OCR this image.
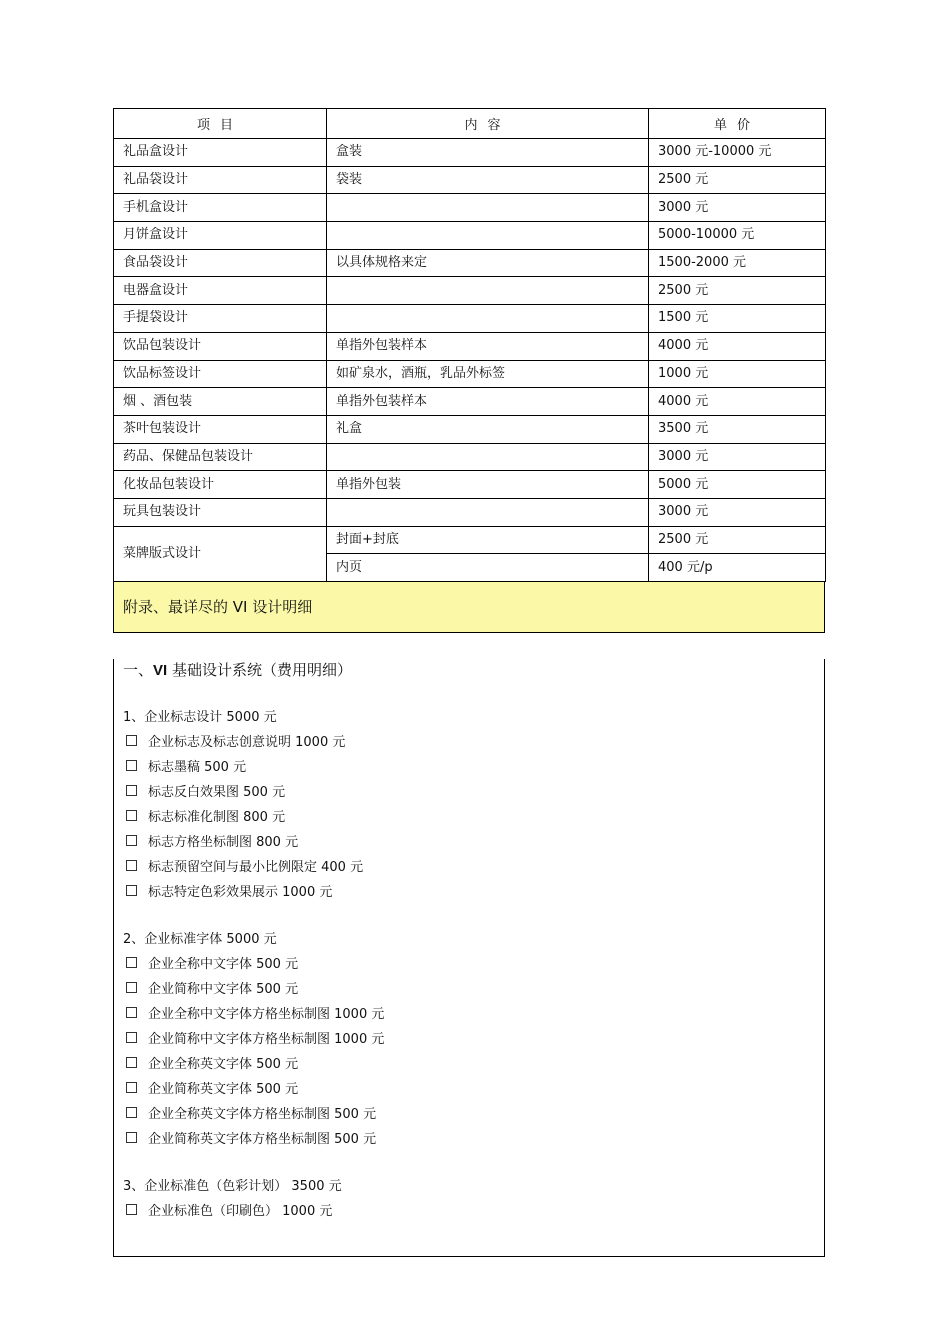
项目	内容	单价
礼品盒设计	盒装	3000 元-10000 元
礼品袋设计	袋装	2500 元
手机盒设计		3000 元
月饼盒设计		5000-10000 元
食品袋设计	以具体规格来定	1500-2000 元
电器盒设计		2500 元
手提袋设计		1500 元
饮品包装设计	单指外包装样本	4000 元
饮品标签设计	如矿泉水，酒瓶，乳品外标签	1000 元
烟 、酒包装	单指外包装样本	4000 元
茶叶包装设计	礼盒	3500 元
药品、保健品包装设计		3000 元
化妆品包装设计	单指外包装	5000 元
玩具包装设计		3000 元
菜牌版式设计	封面+封底	2500 元
	内页	400 元/p
附录、最详尽的 VI 设计明细
一、VI 基础设计系统（费用明细）
1、企业标志设计 5000 元
企业标志及标志创意说明 1000 元
标志墨稿 500 元
标志反白效果图 500 元
标志标准化制图 800 元
标志方格坐标制图 800 元
标志预留空间与最小比例限定 400 元
标志特定色彩效果展示 1000 元
2、企业标准字体 5000 元
企业全称中文字体 500 元
企业简称中文字体 500 元
企业全称中文字体方格坐标制图 1000 元
企业简称中文字体方格坐标制图 1000 元
企业全称英文字体 500 元
企业简称英文字体 500 元
企业全称英文字体方格坐标制图 500 元
企业简称英文字体方格坐标制图 500 元
3、企业标准色（色彩计划） 3500 元
企业标准色（印刷色） 1000 元
